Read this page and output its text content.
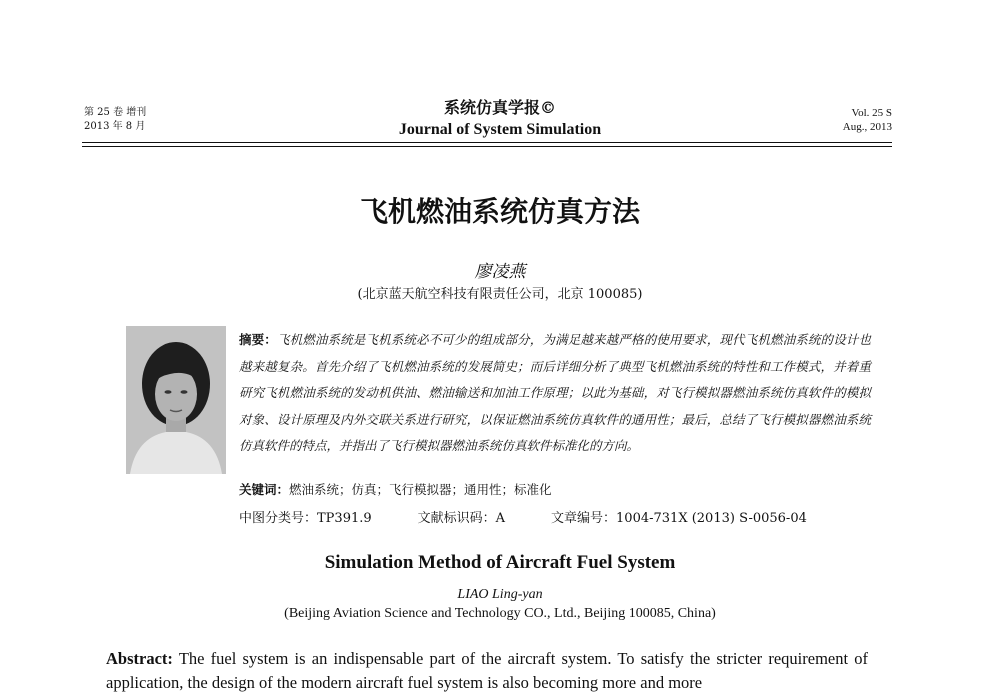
第 25 卷 增刊
2013 年 8 月
系统仿真学报©
Journal of System Simulation
Vol. 25 S
Aug., 2013
飞机燃油系统仿真方法
廖凌燕
(北京蓝天航空科技有限责任公司，北京 100085)
摘要：飞机燃油系统是飞机系统必不可少的组成部分，为满足越来越严格的使用要求，现代飞机燃油系统的设计也越来越复杂。首先介绍了飞机燃油系统的发展简史；而后详细分析了典型飞机燃油系统的特性和工作模式，并着重研究飞机燃油系统的发动机供油、燃油输送和加油工作原理；以此为基础，对飞行模拟器燃油系统仿真软件的模拟对象、设计原理及内外交联关系进行研究，以保证燃油系统仿真软件的通用性；最后，总结了飞行模拟器燃油系统仿真软件的特点，并指出了飞行模拟器燃油系统仿真软件标准化的方向。
关键词：燃油系统；仿真；飞行模拟器；通用性；标准化
中图分类号：TP391.9	文献标识码：A	文章编号：1004-731X (2013) S-0056-04
Simulation Method of Aircraft Fuel System
LIAO Ling-yan
(Beijing Aviation Science and Technology CO., Ltd., Beijing 100085, China)
Abstract: The fuel system is an indispensable part of the aircraft system. To satisfy the stricter requirement of application, the design of the modern aircraft fuel system is also becoming more and more
